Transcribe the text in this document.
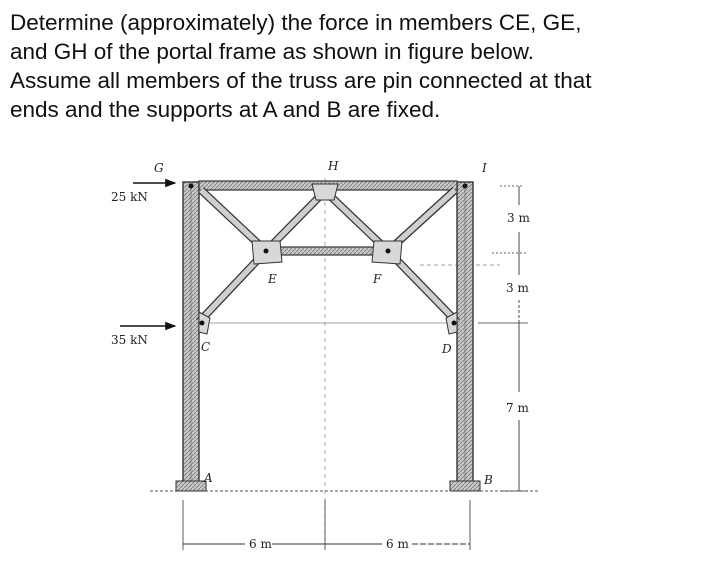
Determine (approximately) the force in members CE, GE,
and GH of the portal frame as shown in figure below.
Assume all members of the truss are pin connected at that
ends and the supports at A and B are fixed.
G	H	I
E	F
C	D
A	B
25 kN
35 kN
3 m
3 m
7 m
6 m	6 m
